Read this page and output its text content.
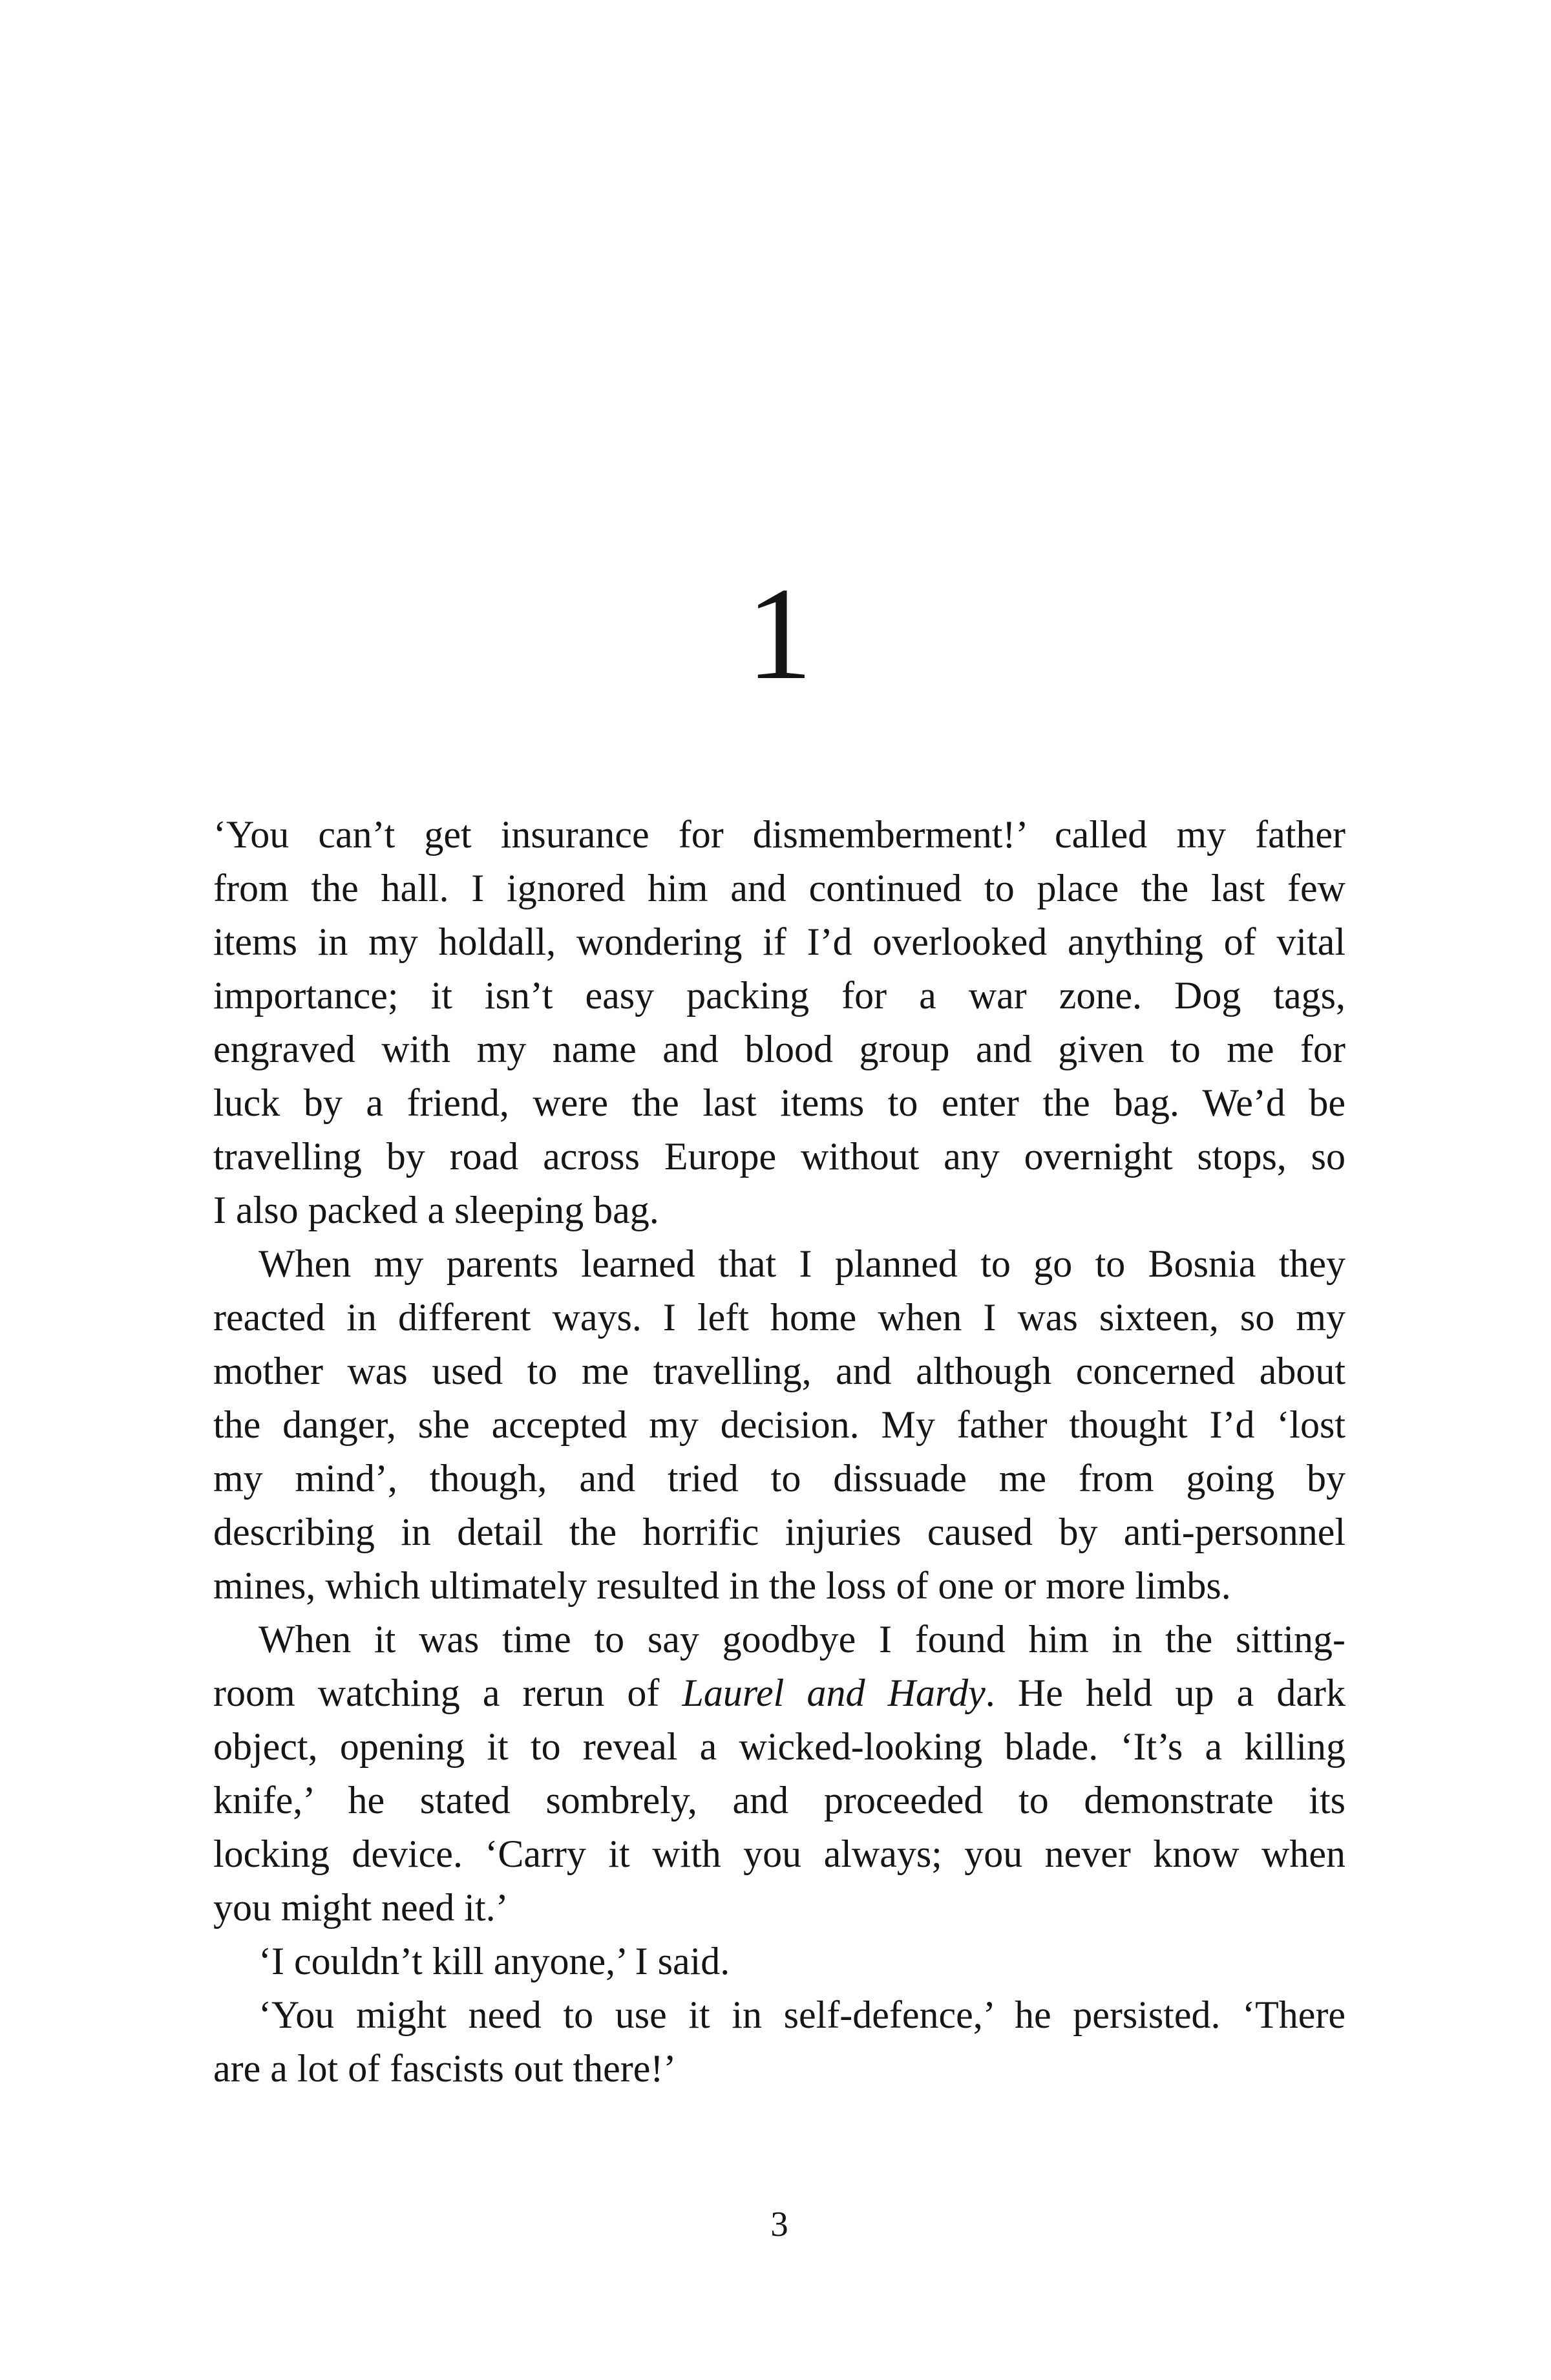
1
‘You can’t get insurance for dismemberment!’ called my father
from the hall. I ignored him and continued to place the last few
items in my holdall, wondering if I’d overlooked anything of vital
importance; it isn’t easy packing for a war zone. Dog tags,
engraved with my name and blood group and given to me for
luck by a friend, were the last items to enter the bag. We’d be
travelling by road across Europe without any overnight stops, so
I also packed a sleeping bag.
When my parents learned that I planned to go to Bosnia they
reacted in different ways. I left home when I was sixteen, so my
mother was used to me travelling, and although concerned about
the danger, she accepted my decision. My father thought I’d ‘lost
my mind’, though, and tried to dissuade me from going by
describing in detail the horrific injuries caused by anti-personnel
mines, which ultimately resulted in the loss of one or more limbs.
When it was time to say goodbye I found him in the sitting-
room watching a rerun of Laurel and Hardy. He held up a dark
object, opening it to reveal a wicked-looking blade. ‘It’s a killing
knife,’ he stated sombrely, and proceeded to demonstrate its
locking device. ‘Carry it with you always; you never know when
you might need it.’
‘I couldn’t kill anyone,’ I said.
‘You might need to use it in self-defence,’ he persisted. ‘There
are a lot of fascists out there!’
3
